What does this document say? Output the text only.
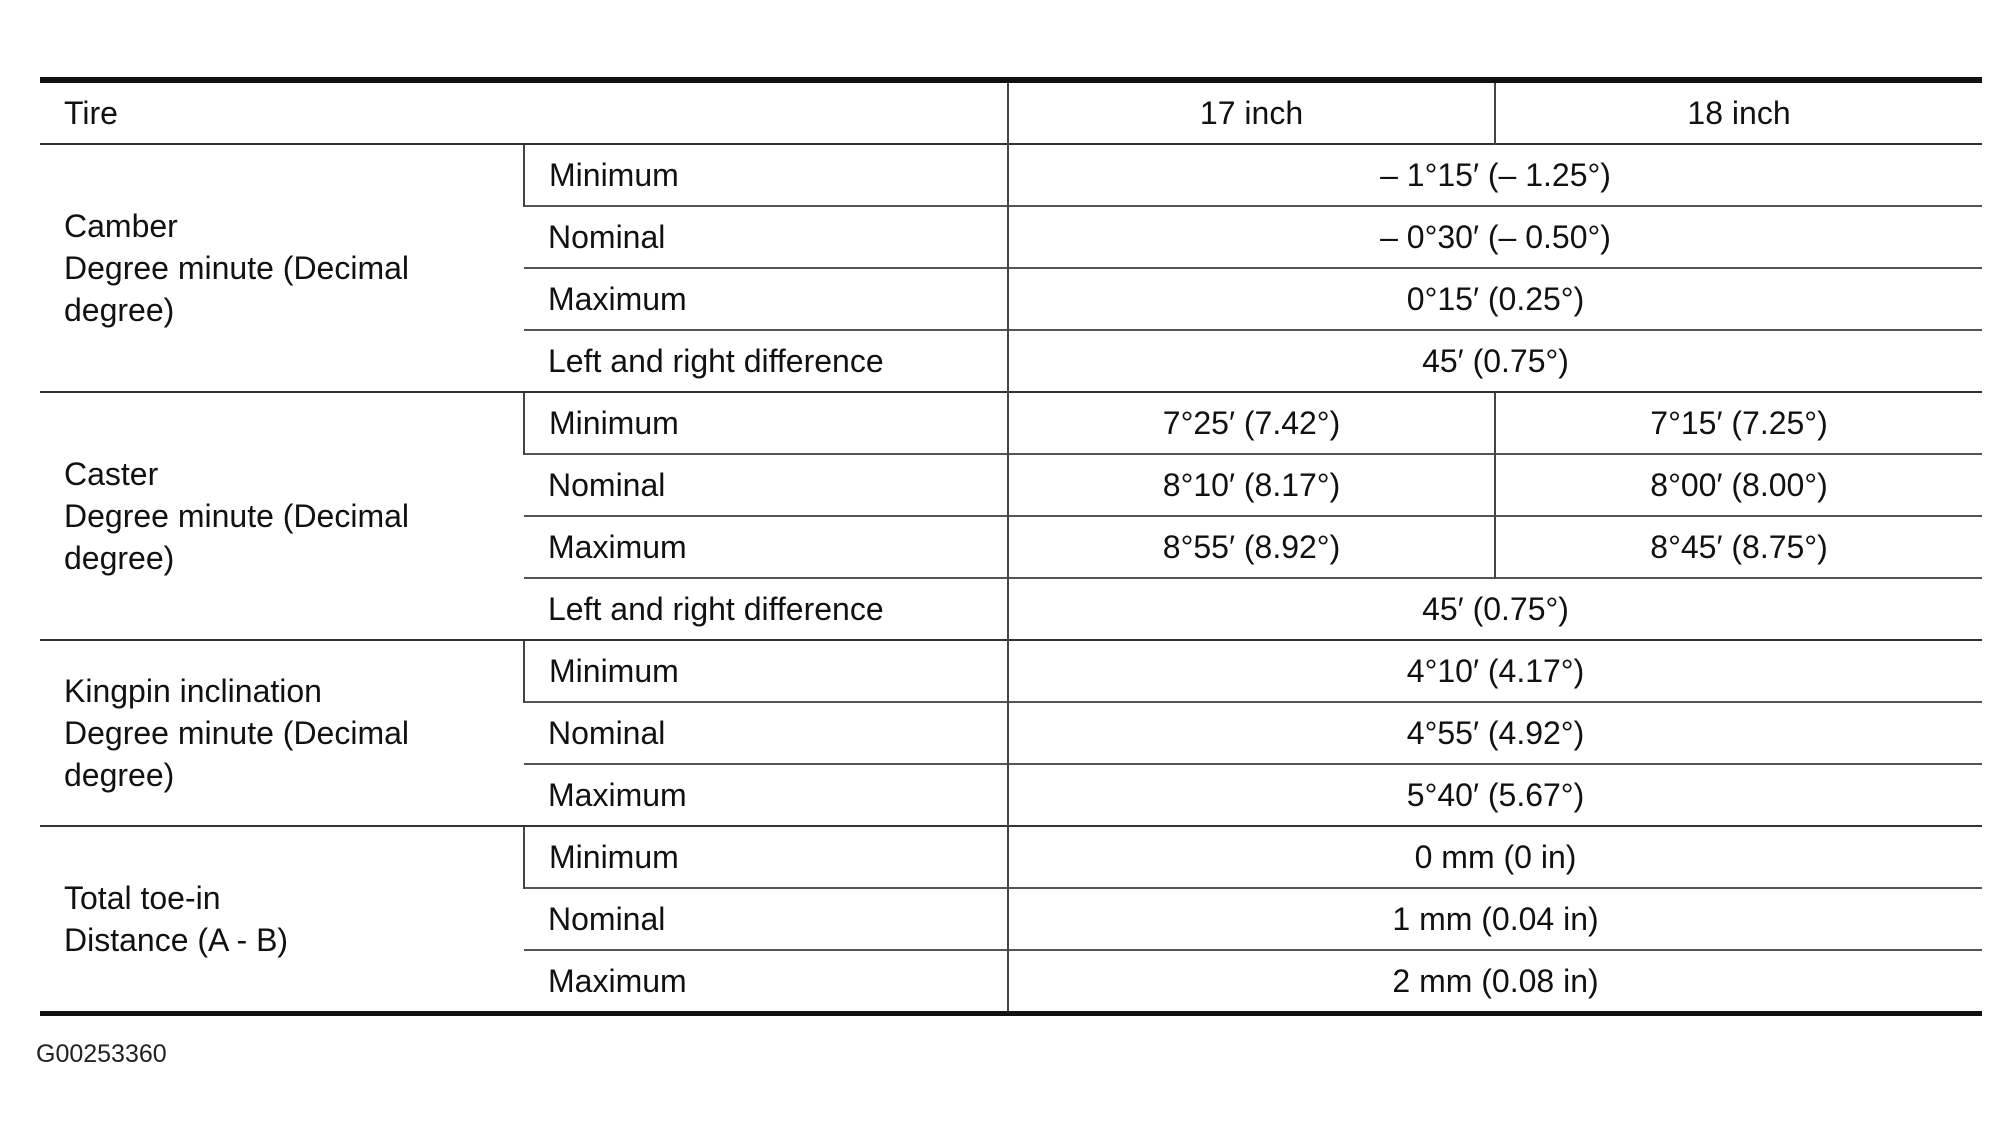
Tire		17 inch	18 inch

Camber
Degree minute (Decimal
degree)	Minimum	– 1°15′ (– 1.25°)	
	Nominal	– 0°30′ (– 0.50°)	
	Maximum	0°15′ (0.25°)	
	Left and right difference	45′ (0.75°)	

Caster
Degree minute (Decimal
degree)	Minimum	7°25′ (7.42°)	7°15′ (7.25°)
	Nominal	8°10′ (8.17°)	8°00′ (8.00°)
	Maximum	8°55′ (8.92°)	8°45′ (8.75°)
	Left and right difference	45′ (0.75°)	

Kingpin inclination
Degree minute (Decimal
degree)	Minimum	4°10′ (4.17°)	
	Nominal	4°55′ (4.92°)	
	Maximum	5°40′ (5.67°)	

Total toe-in
Distance (A - B)	Minimum	0 mm (0 in)	
	Nominal	1 mm (0.04 in)	
	Maximum	2 mm (0.08 in)	
G00253360
